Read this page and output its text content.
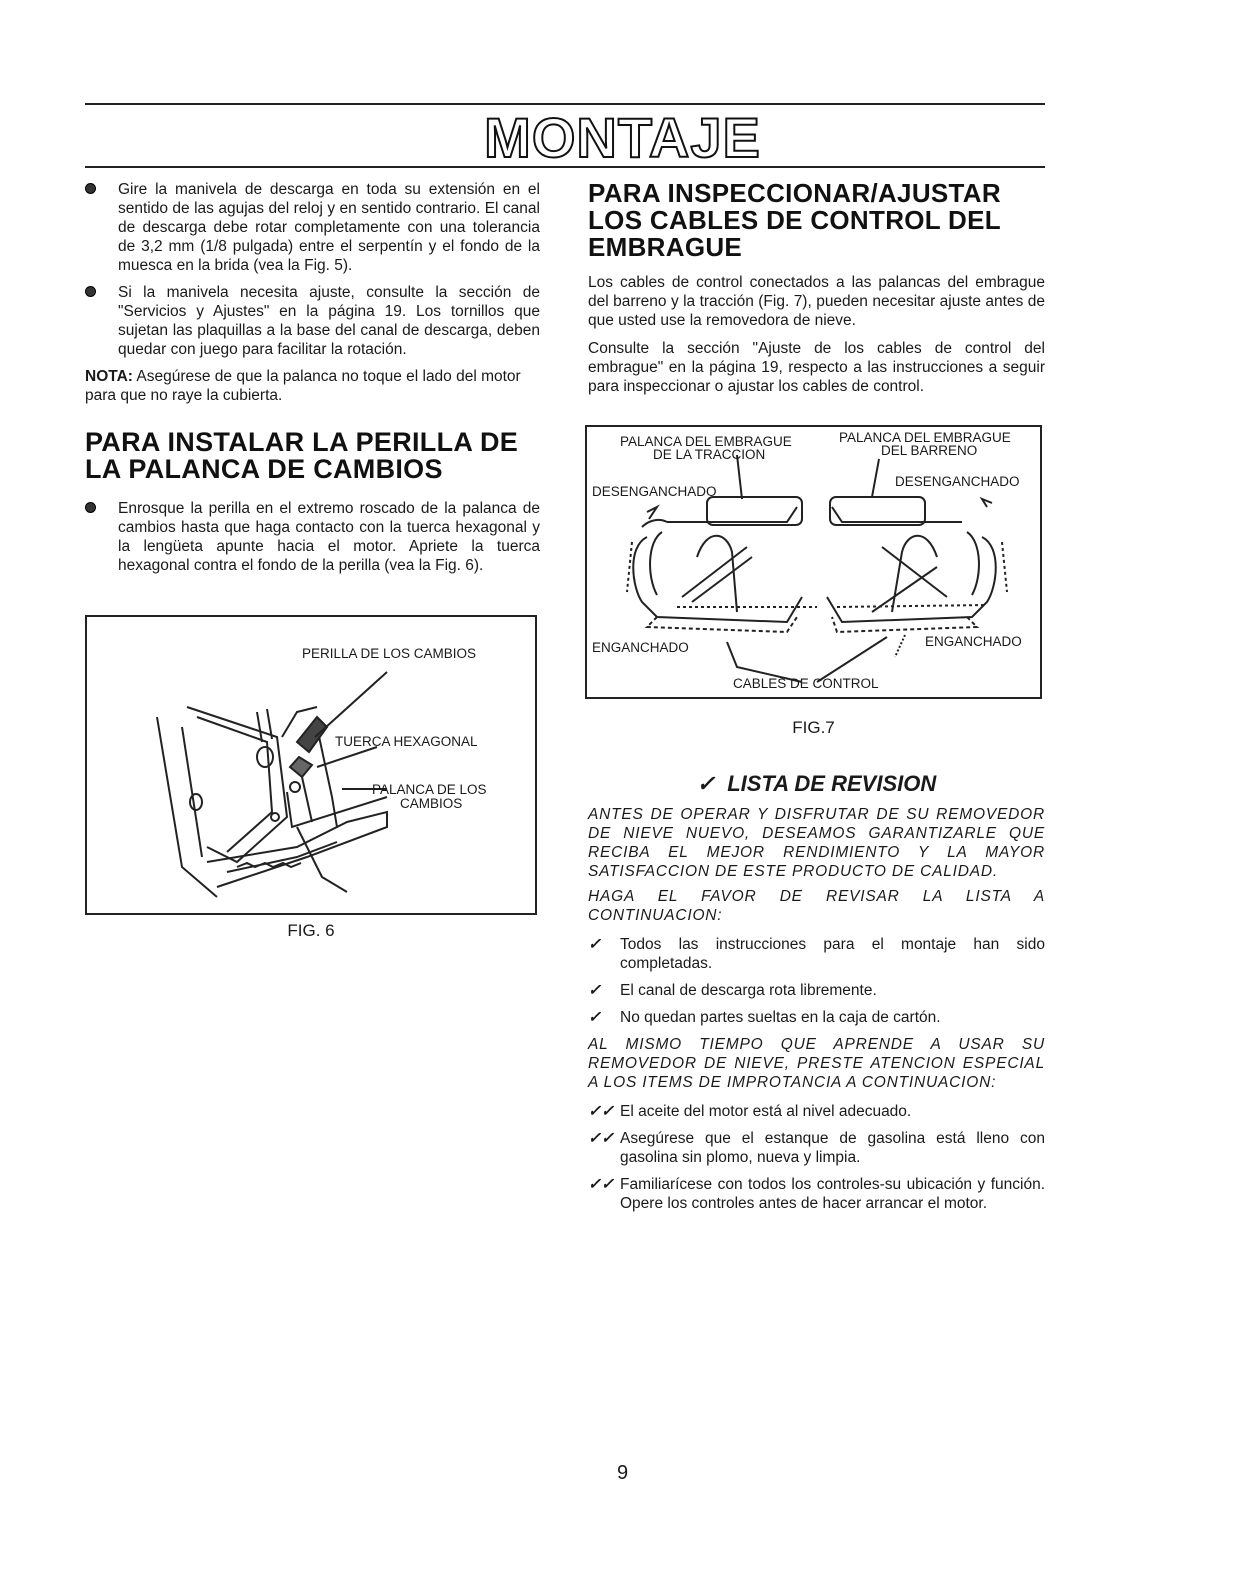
MONTAJE
Gire la manivela de descarga en toda su extensión en el sentido de las agujas del reloj y en sentido contrario. El canal de descarga debe rotar completamente con una tolerancia de 3,2 mm (1/8 pulgada) entre el serpentín y el fondo de la muesca en la brida (vea la Fig. 5).
Si la manivela necesita ajuste, consulte la sección de "Servicios y Ajustes" en la página 19. Los tornillos que sujetan las plaquillas a la base del canal de descarga, deben quedar con juego para facilitar la rotación.

NOTA: Asegúrese de que la palanca no toque el lado del motor para que no raye la cubierta.

PARA INSTALAR LA PERILLA DE LA PALANCA DE CAMBIOS
Enrosque la perilla en el extremo roscado de la palanca de cambios hasta que haga contacto con la tuerca hexagonal y la lengüeta apunte hacia el motor. Apriete la tuerca hexagonal contra el fondo de la perilla (vea la Fig. 6).
PERILLA DE LOS CAMBIOS
TUERCA HEXAGONAL
PALANCA DE LOS
CAMBIOS
FIG. 6
PARA INSPECCIONAR/AJUSTAR LOS CABLES DE CONTROL DEL EMBRAGUE

Los cables de control conectados a las palancas del embrague del barreno y la tracción (Fig. 7), pueden necesitar ajuste antes de que usted use la removedora de nieve.

Consulte la sección "Ajuste de los cables de control del embrague" en la página 19, respecto a las instrucciones a seguir para inspeccionar o ajustar los cables de control.

PALANCA DEL EMBRAGUE
DE LA TRACCION
PALANCA DEL EMBRAGUE
DEL BARRENO
DESENGANCHADO
DESENGANCHADO
ENGANCHADO	ENGANCHADO
CABLES DE CONTROL
FIG.7
✓ LISTA DE REVISION

ANTES DE OPERAR Y DISFRUTAR DE SU REMOVEDOR DE NIEVE NUEVO, DESEAMOS GARANTIZARLE QUE RECIBA EL MEJOR RENDIMIENTO Y LA MAYOR SATISFACCION DE ESTE PRODUCTO DE CALIDAD.

HAGA EL FAVOR DE REVISAR LA LISTA A CONTINUACION:

✓ Todos las instrucciones para el montaje han sido completadas.
✓ El canal de descarga rota libremente.
✓ No quedan partes sueltas en la caja de cartón.

AL MISMO TIEMPO QUE APRENDE A USAR SU REMOVEDOR DE NIEVE, PRESTE ATENCION ESPECIAL A LOS ITEMS DE IMPROTANCIA A CONTINUACION:

✓✓ El aceite del motor está al nivel adecuado.
✓✓ Asegúrese que el estanque de gasolina está lleno con gasolina sin plomo, nueva y limpia.
✓✓ Familiarícese con todos los controles-su ubicación y función. Opere los controles antes de hacer arrancar el motor.
9
